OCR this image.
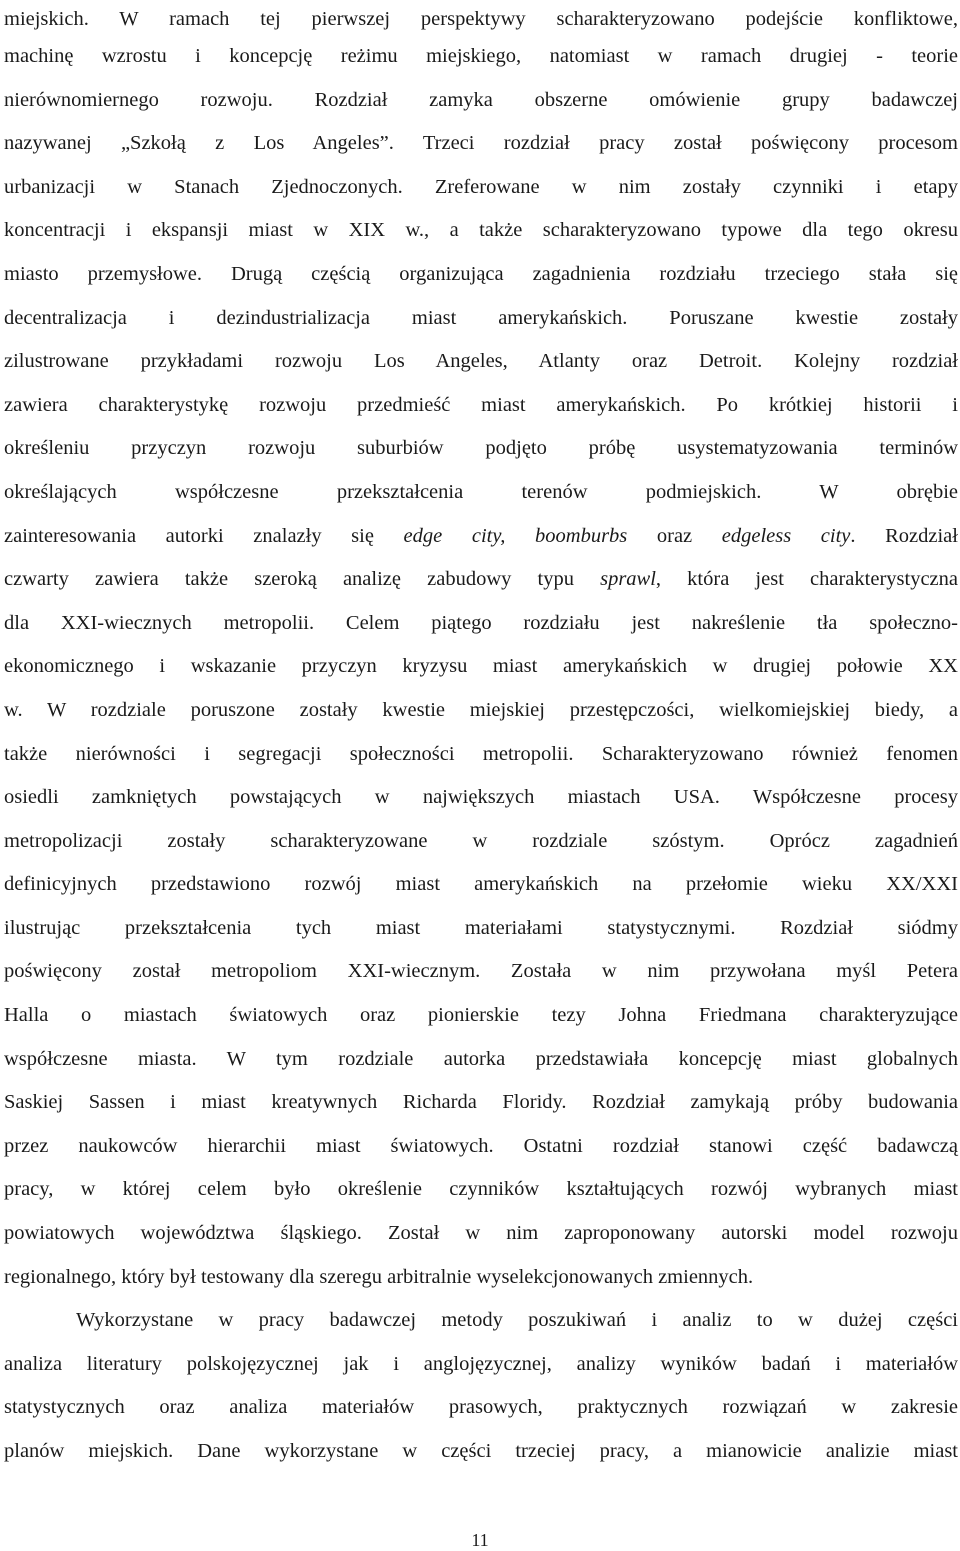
miejskich. W ramach tej pierwszej perspektywy scharakteryzowano podejście konfliktowe,
machinę wzrostu i koncepcję reżimu miejskiego, natomiast w ramach drugiej - teorie
nierównomiernego rozwoju. Rozdział zamyka obszerne omówienie grupy badawczej
nazywanej „Szkołą z Los Angeles”. Trzeci rozdział pracy został poświęcony procesom
urbanizacji w Stanach Zjednoczonych. Zreferowane w nim zostały czynniki i etapy
koncentracji i ekspansji miast w XIX w., a także scharakteryzowano typowe dla tego okresu
miasto przemysłowe. Drugą częścią organizująca zagadnienia rozdziału trzeciego stała się
decentralizacja i dezindustrializacja miast amerykańskich. Poruszane kwestie zostały
zilustrowane przykładami rozwoju Los Angeles, Atlanty oraz Detroit. Kolejny rozdział
zawiera charakterystykę rozwoju przedmieść miast amerykańskich. Po krótkiej historii i
określeniu przyczyn rozwoju suburbiów podjęto próbę usystematyzowania terminów
określających współczesne przekształcenia terenów podmiejskich. W obrębie
zainteresowania autorki znalazły się edge city, boomburbs oraz edgeless city. Rozdział
czwarty zawiera także szeroką analizę zabudowy typu sprawl, która jest charakterystyczna
dla XXI-wiecznych metropolii. Celem piątego rozdziału jest nakreślenie tła społeczno-
ekonomicznego i wskazanie przyczyn kryzysu miast amerykańskich w drugiej połowie XX
w. W rozdziale poruszone zostały kwestie miejskiej przestępczości, wielkomiejskiej biedy, a
także nierówności i segregacji społeczności metropolii. Scharakteryzowano również fenomen
osiedli zamkniętych powstających w największych miastach USA. Współczesne procesy
metropolizacji zostały scharakteryzowane w rozdziale szóstym. Oprócz zagadnień
definicyjnych przedstawiono rozwój miast amerykańskich na przełomie wieku XX/XXI
ilustrując przekształcenia tych miast materiałami statystycznymi. Rozdział siódmy
poświęcony został metropoliom XXI-wiecznym. Została w nim przywołana myśl Petera
Halla o miastach światowych oraz pionierskie tezy Johna Friedmana charakteryzujące
współczesne miasta. W tym rozdziale autorka przedstawiała koncepcję miast globalnych
Saskiej Sassen i miast kreatywnych Richarda Floridy. Rozdział zamykają próby budowania
przez naukowców hierarchii miast światowych. Ostatni rozdział stanowi część badawczą
pracy, w której celem było określenie czynników kształtujących rozwój wybranych miast
powiatowych województwa śląskiego. Został w nim zaproponowany autorski model rozwoju
regionalnego, który był testowany dla szeregu arbitralnie wyselekcjonowanych zmiennych.
Wykorzystane w pracy badawczej metody poszukiwań i analiz to w dużej części
analiza literatury polskojęzycznej jak i anglojęzycznej, analizy wyników badań i materiałów
statystycznych oraz analiza materiałów prasowych, praktycznych rozwiązań w zakresie
planów miejskich. Dane wykorzystane w części trzeciej pracy, a mianowicie analizie miast
11
